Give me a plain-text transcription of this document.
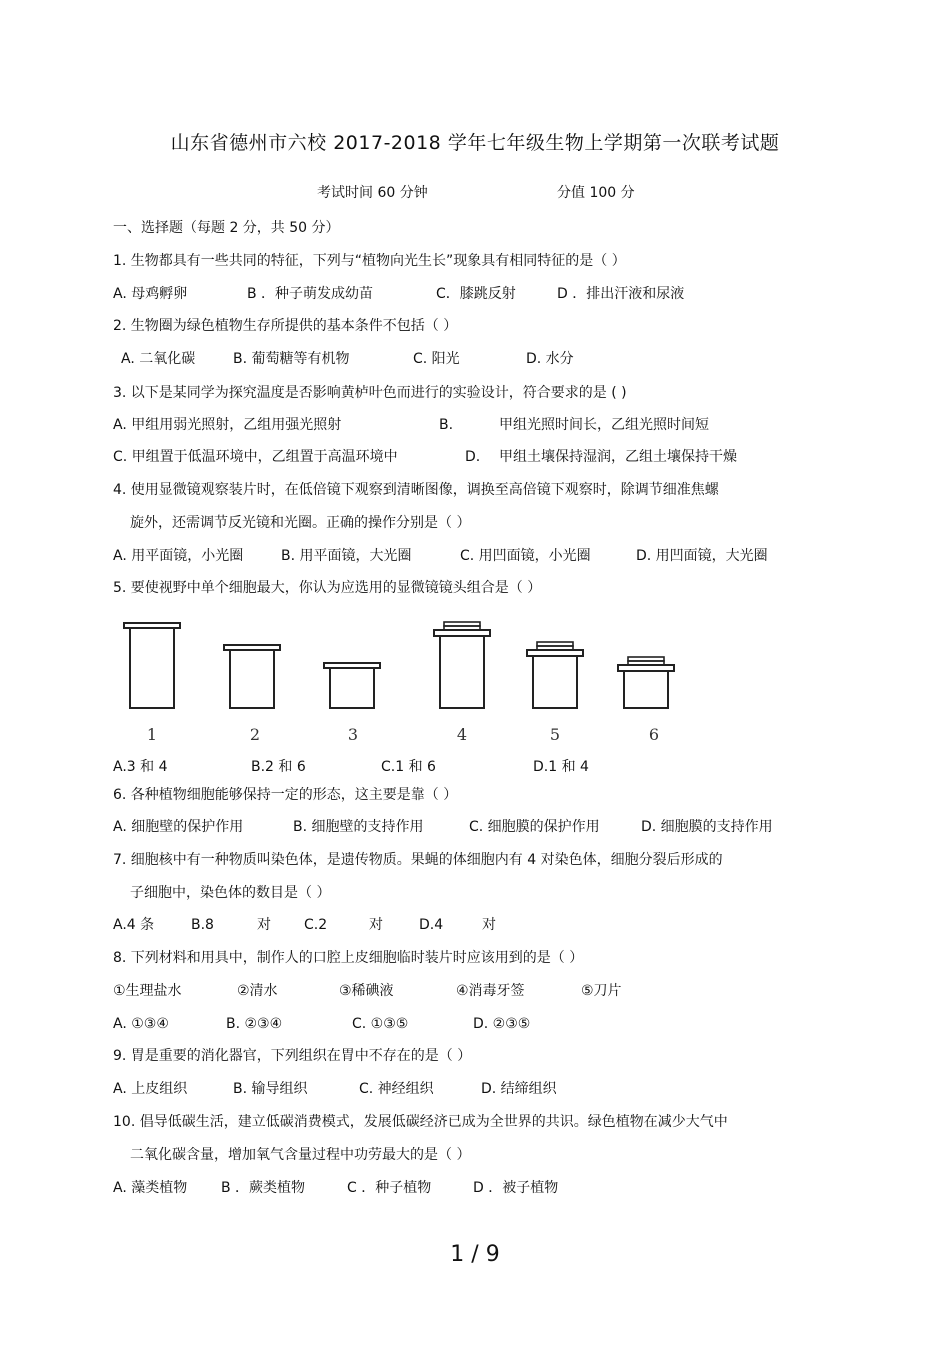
山东省德州市六校 2017-2018 学年七年级生物上学期第一次联考试题
考试时间 60 分钟	分值 100 分
一、选择题（每题 2 分，共 50 分）
1. 生物都具有一些共同的特征，下列与“植物向光生长”现象具有相同特征的是（ ）
A. 母鸡孵卵	B ．种子萌发成幼苗	C．膝跳反射	D ．排出汗液和尿液
2. 生物圈为绿色植物生存所提供的基本条件不包括（ ）
A. 二氧化碳	B. 葡萄糖等有机物	C. 阳光	D. 水分
3. 以下是某同学为探究温度是否影响黄栌叶色而进行的实验设计，符合要求的是 ( )
A. 甲组用弱光照射，乙组用强光照射	B.	甲组光照时间长，乙组光照时间短
C. 甲组置于低温环境中，乙组置于高温环境中	D. 甲组土壤保持湿润，乙组土壤保持干燥
4. 使用显微镜观察装片时，在低倍镜下观察到清晰图像，调换至高倍镜下观察时，除调节细准焦螺
旋外，还需调节反光镜和光圈。正确的操作分别是（ ）
A. 用平面镜，小光圈	B. 用平面镜，大光圈	C. 用凹面镜，小光圈	D. 用凹面镜，大光圈
5. 要使视野中单个细胞最大，你认为应选用的显微镜镜头组合是（ ）
1	2	3	4	5	6
A.3 和 4	B.2 和 6	C.1 和 6	D.1 和 4
6. 各种植物细胞能够保持一定的形态，这主要是靠（ ）
A. 细胞壁的保护作用	B. 细胞壁的支持作用	C. 细胞膜的保护作用	D. 细胞膜的支持作用
7. 细胞核中有一种物质叫染色体，是遗传物质。果蝇的体细胞内有 4 对染色体，细胞分裂后形成的
子细胞中，染色体的数目是（ ）
A.4 条	B.8	对 C.2	对	D.4	对
8. 下列材料和用具中，制作人的口腔上皮细胞临时装片时应该用到的是（ ）
①生理盐水	②清水	③稀碘液	④消毒牙签	⑤刀片
A. ①③④	B. ②③④	C. ①③⑤	D. ②③⑤
9. 胃是重要的消化器官，下列组织在胃中不存在的是（ ）
A. 上皮组织	B. 输导组织	C. 神经组织	D. 结缔组织
10. 倡导低碳生活，建立低碳消费模式，发展低碳经济已成为全世界的共识。绿色植物在减少大气中
二氧化碳含量，增加氧气含量过程中功劳最大的是（ ）
A. 藻类植物 B ．蕨类植物	C ．种子植物	D ．被子植物
1 / 9
